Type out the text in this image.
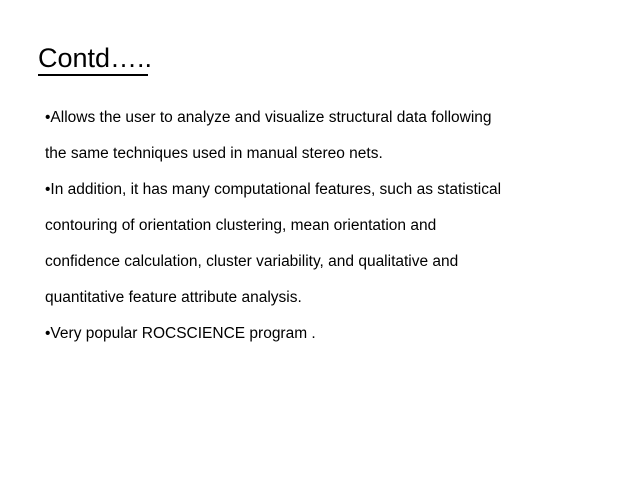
Contd…..
•Allows the user to analyze and visualize structural data following
the same techniques used in manual stereo nets.
•In addition, it has many computational features, such as statistical
contouring of orientation clustering, mean orientation and
confidence calculation, cluster variability, and qualitative and
quantitative feature attribute analysis.
•Very popular ROCSCIENCE program .
